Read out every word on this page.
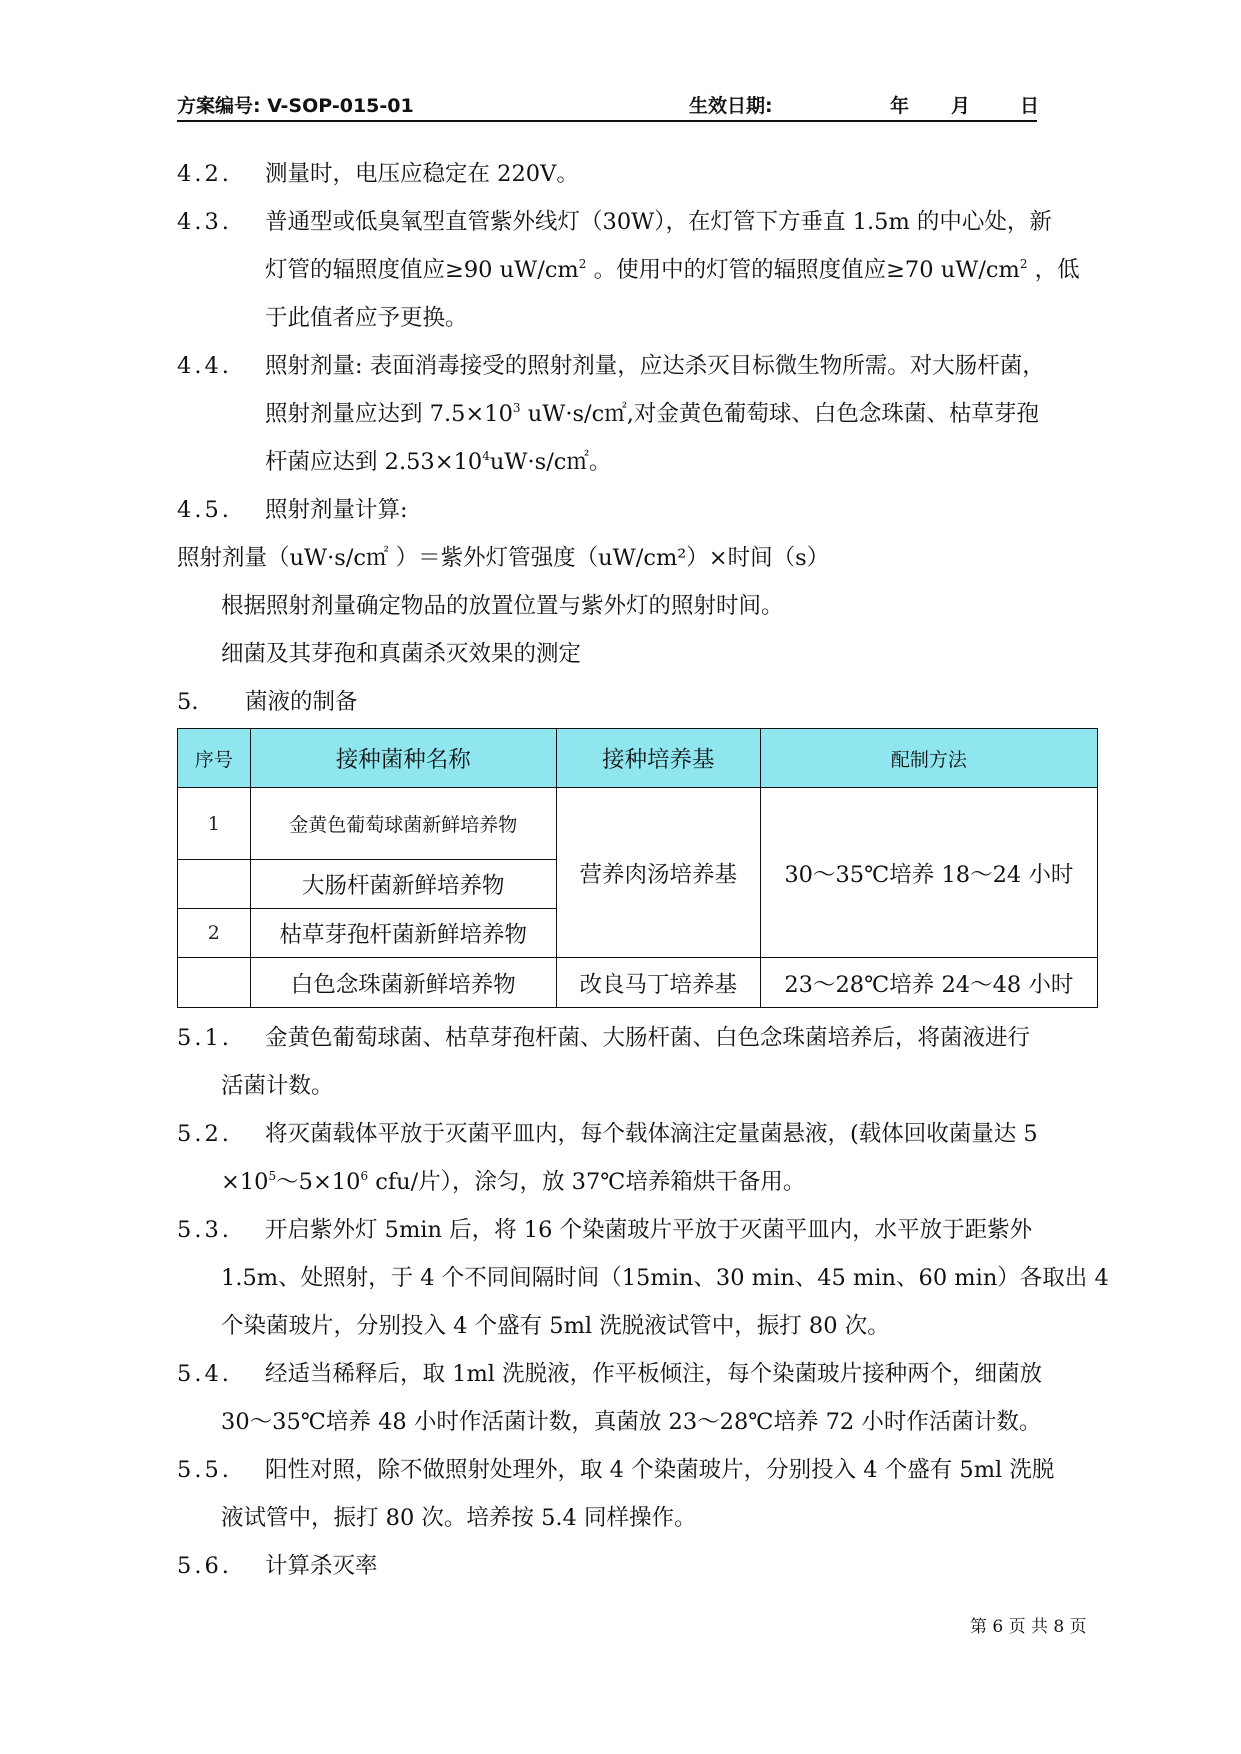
方案编号: V-SOP-015-01	生效日期:	年 月	日

4.2. 测量时，电压应稳定在 220V。

4.3. 普通型或低臭氧型直管紫外线灯（30W），在灯管下方垂直 1.5m 的中心处，新
灯管的辐照度值应≥90 $uW/cm^2$ 。使用中的灯管的辐照度值应≥70 $uW/cm^2$ ，低
于此值者应予更换。

4.4. 照射剂量: 表面消毒接受的照射剂量，应达杀灭目标微生物所需。对大肠杆菌，
照射剂量应达到 $7.5\times 10^3$ uW·s/c㎡,对金黄色葡萄球、白色念珠菌、枯草芽孢
杆菌应达到 $2.53\times 10^4uW\cdot s/c㎡$。

4.5. 照射剂量计算:

照射剂量（uW·s/c㎡ ）＝紫外灯管强度（uW/cm²）×时间（s）

根据照射剂量确定物品的放置位置与紫外灯的照射时间。

细菌及其芽孢和真菌杀灭效果的测定

5. 菌液的制备

序号	接种菌种名称	接种培养基	配制方法
1	金黄色葡萄球菌新鲜培养物	营养肉汤培养基	30～35℃培养 18～24 小时
	大肠杆菌新鲜培养物		
2	枯草芽孢杆菌新鲜培养物		
	白色念珠菌新鲜培养物	改良马丁培养基	23～28℃培养 24～48 小时

5.1. 金黄色葡萄球菌、枯草芽孢杆菌、大肠杆菌、白色念珠菌培养后，将菌液进行

活菌计数。

5.2. 将灭菌载体平放于灭菌平皿内，每个载体滴注定量菌悬液，(载体回收菌量达 5

$\times 10^5\sim 5\times 10^6$ cfu/片），涂匀，放 37℃培养箱烘干备用。

5.3. 开启紫外灯 5min 后，将 16 个染菌玻片平放于灭菌平皿内，水平放于距紫外

1.5m、处照射，于 4 个不同间隔时间（15min、30 min、45 min、60 min）各取出 4

个染菌玻片，分别投入 4 个盛有 5ml 洗脱液试管中，振打 80 次。

5.4. 经适当稀释后，取 1ml 洗脱液，作平板倾注，每个染菌玻片接种两个，细菌放

30～35℃培养 48 小时作活菌计数，真菌放 23～28℃培养 72 小时作活菌计数。

5.5. 阳性对照，除不做照射处理外，取 4 个染菌玻片，分别投入 4 个盛有 5ml 洗脱

液试管中，振打 80 次。培养按 5.4 同样操作。

5.6. 计算杀灭率

第 6 页 共 8 页
